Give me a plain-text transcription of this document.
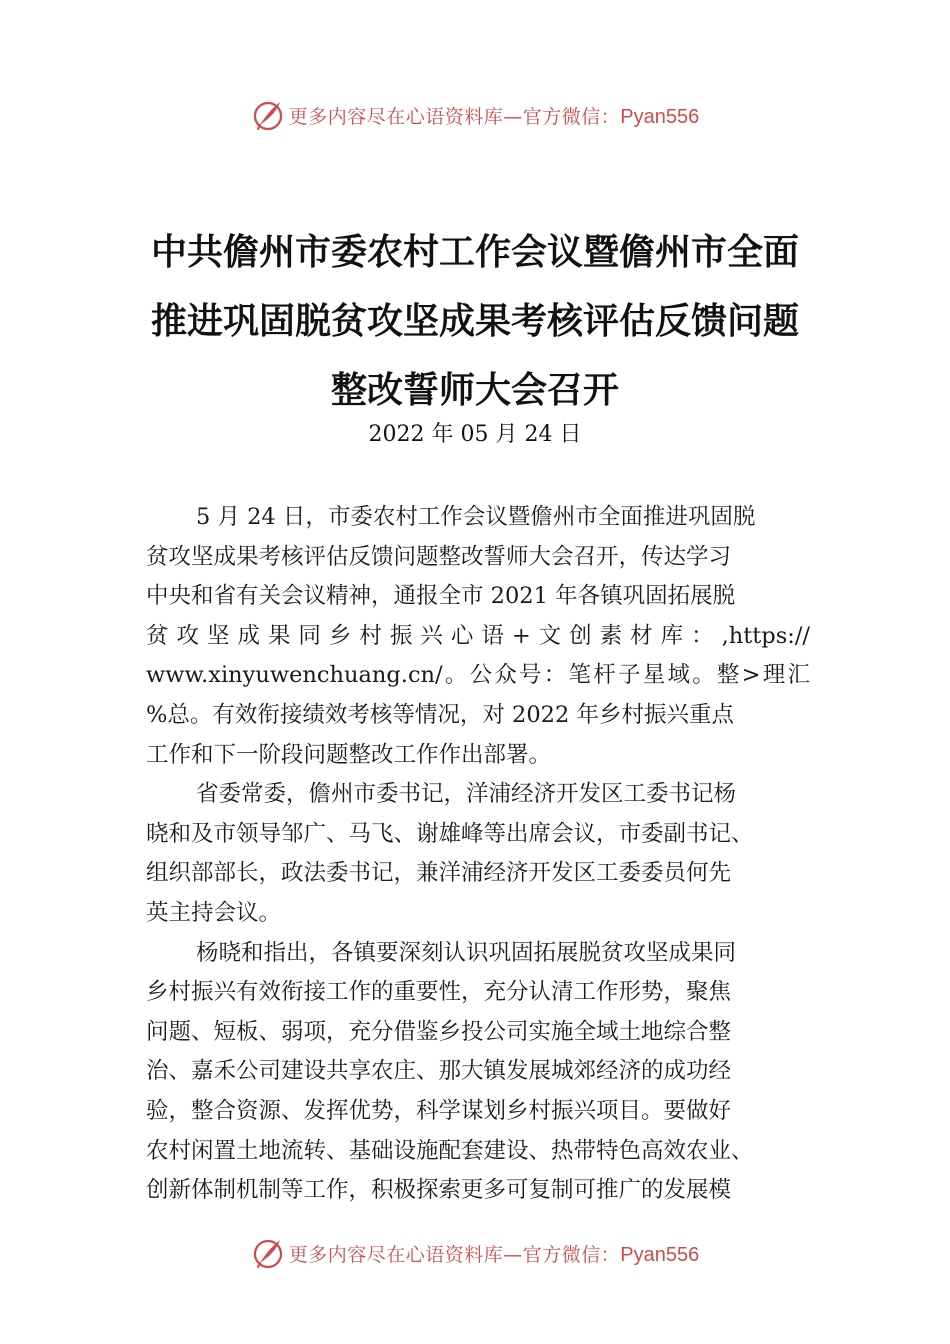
更多内容尽在心语资料库—官方微信：Pyan556
中共儋州市委农村工作会议暨儋州市全面
推进巩固脱贫攻坚成果考核评估反馈问题
整改誓师大会召开
2022 年 05 月 24 日
5 月 24 日，市委农村工作会议暨儋州市全面推进巩固脱
贫攻坚成果考核评估反馈问题整改誓师大会召开，传达学习
中央和省有关会议精神，通报全市 2021 年各镇巩固拓展脱
贫攻坚成果同乡村振兴心语+文创素材库：,https://
www.xinyuwenchuang.cn/。公众号：笔杆子星域。整>理汇
%总。有效衔接绩效考核等情况，对 2022 年乡村振兴重点
工作和下一阶段问题整改工作作出部署。
省委常委，儋州市委书记，洋浦经济开发区工委书记杨
晓和及市领导邹广、马飞、谢雄峰等出席会议，市委副书记、
组织部部长，政法委书记，兼洋浦经济开发区工委委员何先
英主持会议。
杨晓和指出，各镇要深刻认识巩固拓展脱贫攻坚成果同
乡村振兴有效衔接工作的重要性，充分认清工作形势，聚焦
问题、短板、弱项，充分借鉴乡投公司实施全域土地综合整
治、嘉禾公司建设共享农庄、那大镇发展城郊经济的成功经
验，整合资源、发挥优势，科学谋划乡村振兴项目。要做好
农村闲置土地流转、基础设施配套建设、热带特色高效农业、
创新体制机制等工作，积极探索更多可复制可推广的发展模
更多内容尽在心语资料库—官方微信：Pyan556
